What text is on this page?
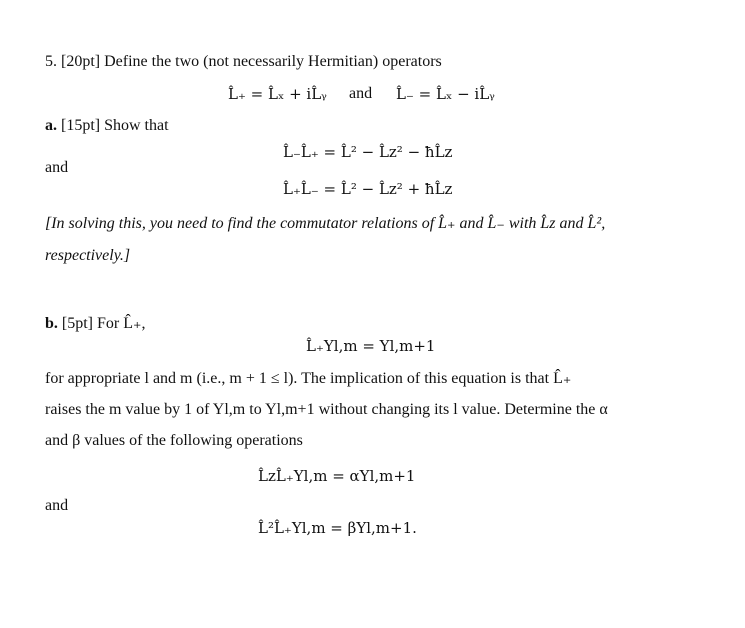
5. [20pt] Define the two (not necessarily Hermitian) operators
L̂₊ = L̂ₓ + iL̂ᵧ and L̂₋ = L̂ₓ − iL̂ᵧ
a. [15pt] Show that
L̂₋L̂₊ = L̂² − L̂z² − ħL̂z
and
L̂₊L̂₋ = L̂² − L̂z² + ħL̂z
[In solving this, you need to find the commutator relations of L̂₊ and L̂₋ with L̂z and L̂²,
respectively.]
b. [5pt] For L̂₊,
L̂₊Yl,m = Yl,m+1
for appropriate l and m (i.e., m + 1 ≤ l). The implication of this equation is that L̂₊
raises the m value by 1 of Yl,m to Yl,m+1 without changing its l value. Determine the α
and β values of the following operations
L̂zL̂₊Yl,m = αYl,m+1
and
L̂²L̂₊Yl,m = βYl,m+1.
